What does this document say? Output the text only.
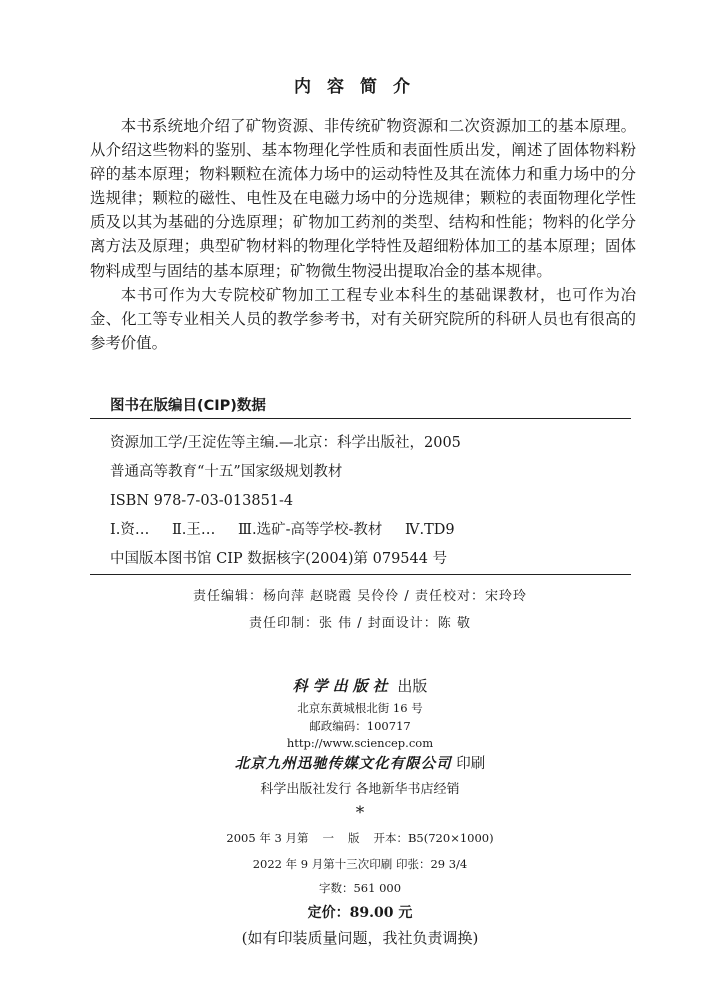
内容简介

本书系统地介绍了矿物资源、非传统矿物资源和二次资源加工的基本原理。从介绍这些物料的鉴别、基本物理化学性质和表面性质出发，阐述了固体物料粉碎的基本原理；物料颗粒在流体力场中的运动特性及其在流体力和重力场中的分选规律；颗粒的磁性、电性及在电磁力场中的分选规律；颗粒的表面物理化学性质及以其为基础的分选原理；矿物加工药剂的类型、结构和性能；物料的化学分离方法及原理；典型矿物材料的物理化学特性及超细粉体加工的基本原理；固体物料成型与固结的基本原理；矿物微生物浸出提取冶金的基本规律。

本书可作为大专院校矿物加工工程专业本科生的基础课教材，也可作为冶金、化工等专业相关人员的教学参考书，对有关研究院所的科研人员也有很高的参考价值。

图书在版编目(CIP)数据
资源加工学/王淀佐等主编.—北京：科学出版社，2005
普通高等教育“十五”国家级规划教材
ISBN 978-7-03-013851-4
Ⅰ.资… Ⅱ.王… Ⅲ.选矿-高等学校-教材 Ⅳ.TD9
中国版本图书馆 CIP 数据核字(2004)第 079544 号
责任编辑：杨向萍 赵晓霞 吴伶伶 / 责任校对：宋玲玲
责任印制：张 伟 / 封面设计：陈 敬
科学出版社 出版
北京东黄城根北街 16 号
邮政编码：100717
http://www.sciencep.com
北京九州迅驰传媒文化有限公司 印刷
科学出版社发行 各地新华书店经销
*
2005 年 3 月第 一 版 开本：B5(720×1000)
2022 年 9 月第十三次印刷 印张：29 3/4
字数：561 000
定价：89.00 元
(如有印装质量问题，我社负责调换)
